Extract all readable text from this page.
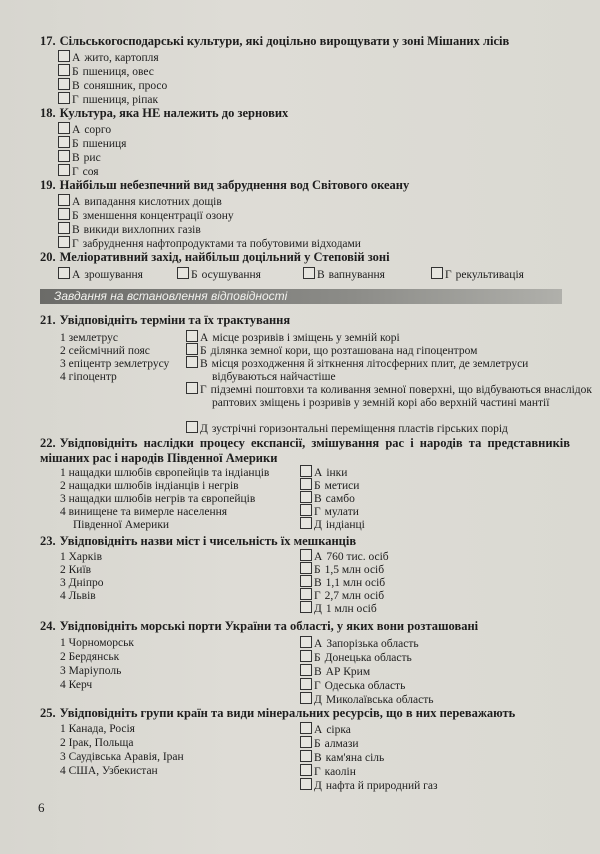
17. Сільськогосподарські культури, які доцільно вирощувати у зоні Мішаних лісів
А жито, картопля
Б пшениця, овес
В соняшник, просо
Г пшениця, ріпак
18. Культура, яка НЕ належить до зернових
А сорго
Б пшениця
В рис
Г соя
19. Найбільш небезпечний вид забруднення вод Світового океану
А випадання кислотних дощів
Б зменшення концентрації озону
В викиди вихлопних газів
Г забруднення нафтопродуктами та побутовими відходами
20. Меліоративний захід, найбільш доцільний у Степовій зоні
А зрошування	Б осушування	В вапнування	Г рекультивація
Завдання на встановлення відповідності
21. Увідповідніть терміни та їх трактування
1 землетрус
2 сейсмічний пояс
3 епіцентр землетрусу
4 гіпоцентр
А місце розривів і зміщень у земній корі
Б ділянка земної кори, що розташована над гіпоцентром
В місця розходження й зіткнення літосферних плит, де землетруси відбуваються найчастіше
Г підземні поштовхи та коливання земної поверхні, що відбуваються внаслідок раптових зміщень і розривів у земній корі або верхній частині мантії
Д зустрічні горизонтальні переміщення пластів гірських порід
22. Увідповідніть наслідки процесу експансії, змішування рас і народів та представників мішаних рас і народів Південної Америки
1 нащадки шлюбів європейців та індіанців
2 нащадки шлюбів індіанців і негрів
3 нащадки шлюбів негрів та європейців
4 винищене та вимерле населення Південної Америки
А інки
Б метиси
В самбо
Г мулати
Д індіанці
23. Увідповідніть назви міст і чисельність їх мешканців
1 Харків
2 Київ
3 Дніпро
4 Львів
А 760 тис. осіб
Б 1,5 млн осіб
В 1,1 млн осіб
Г 2,7 млн осіб
Д 1 млн осіб
24. Увідповідніть морські порти України та області, у яких вони розташовані
1 Чорноморськ
2 Бердянськ
3 Маріуполь
4 Керч
А Запорізька область
Б Донецька область
В АР Крим
Г Одеська область
Д Миколаївська область
25. Увідповідніть групи країн та види мінеральних ресурсів, що в них переважають
1 Канада, Росія
2 Ірак, Польща
3 Саудівська Аравія, Іран
4 США, Узбекистан
А сірка
Б алмази
В кам'яна сіль
Г каолін
Д нафта й природний газ
6
